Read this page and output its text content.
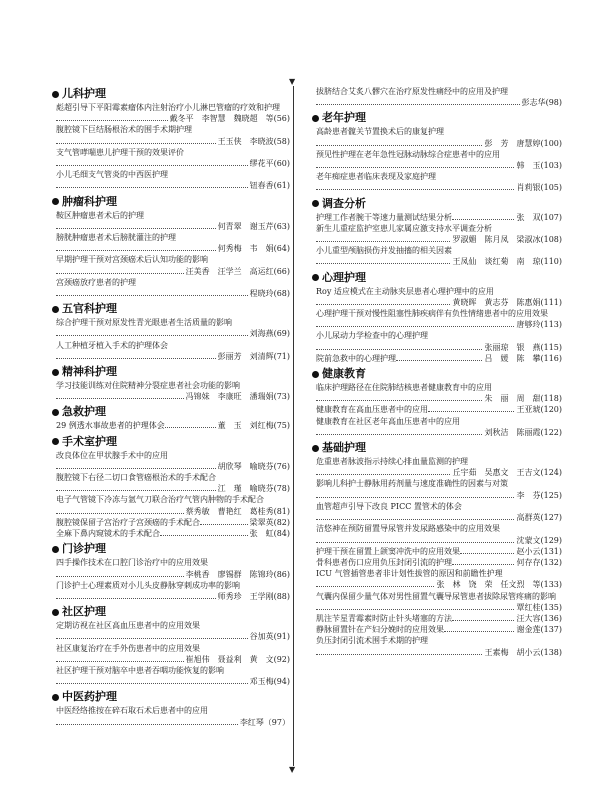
▼
▼
儿科护理
彪超引导下平阳霉素瘤体内注射治疗小儿淋巴管瘤的疗效和护理
戴冬平　李智慧　魏晓超　等(56)
腹腔镜下巨结肠根治术的围手术期护理
王玉侠　李晓波(58)
支气管哮喘患儿护理干预的效果评价
缪花平(60)
小儿毛细支气管炎的中西医护理
钮春香(61)
肿瘤科护理
鞍区肿瘤患者术后的护理
何青翠　谢玉芹(63)
膀胱肿瘤患者术后膀胱灌注的护理
何秀梅　韦　娟(64)
早期护理干预对宫颈癌术后认知功能的影响
汪美香　汪学兰　高运红(66)
宫颈癌放疗患者的护理
程晓玲(68)
五官科护理
综合护理干预对原发性青光眼患者生活质量的影响
刘海燕(69)
人工种植牙植入手术的护理体会
彭丽芳　刘清辉(71)
精神科护理
学习技能训练对住院精神分裂症患者社会功能的影响
冯锦妹　李康旺　潘瑞娟(73)
急救护理
29 例透水事故患者的护理体会	董　玉　刘红梅(75)
手术室护理
改良体位在甲状腺手术中的应用
胡欣琴　喻晓芬(76)
腹腔镜下右径二切口食管癌根治术的手术配合
江　瑾　喻晓芬(78)
电子气管镜下冷冻与氩气刀联合治疗气管内肿物的手术配合
蔡秀敏　曹艳红　葛桂秀(81)
腹腔镜保留子宫治疗子宫颈癌的手术配合	梁翠英(82)
全麻下鼻内窥镜术的手术配合	张　虹(84)
门诊护理
四手操作技术在口腔门诊治疗中的应用效果
李桃香　廖锡群　陈锦玲(86)
门诊护士心理素质对小儿头皮静脉穿刺成功率的影响
师秀珍　王学刚(88)
社区护理
定期访视在社区高血压患者中的应用效果
谷加英(91)
社区康复治疗在手外伤患者中的应用效果
崔旭伟　聂益利　黄　文(92)
社区护理干预对脑卒中患者吞咽功能恢复的影响
邓玉梅(94)
中医药护理
中医经络推按在碎石取石术后患者中的应用
李红琴（97）
拔脐结合艾炙八髎穴在治疗原发性痛经中的应用及护理
彭志华(98)
老年护理
高龄患者髋关节置换术后的康复护理
彭　芳　唐慧婷(100)
预见性护理在老年急性冠脉动脉综合症患者中的应用
韩　玉(103)
老年痴症患者临床表现及家庭护理
肖莉银(105)
调查分析
护理工作者腕干等速力量测试结果分析	张　双(107)
新生儿重症监护室患儿家属应激支持水平调查分析
罗淑媚　陈月凤　梁淑冰(108)
小儿重型颅脑损伤并发抽搐的相关因素
王凤仙　谈红菊　南　琼(110)
心理护理
Roy 适应模式在主动脉夹层患者心理护理中的应用
黄晓晖　黄志芬　陈惠娟(111)
心理护理干预对慢性阻塞性肺疾病伴有负性情绪患者中的应用效果
唐够玲(113)
小儿尿动力学检查中的心理护理
张丽琼　银　燕(115)
院前急救中的心理护理	吕　媛　陈　攀(116)
健康教育
临床护理路径在住院肺结核患者健康教育中的应用
朱　丽　周　甜(118)
健康教育在高血压患者中的应用	王亚琥(120)
健康教育在社区老年高血压患者中的应用
刘秋洁　陈丽霞(122)
基础护理
危重患者脉波指示持续心排血量监测的护理
丘宇茹　吴惠文　王吉文(124)
影响儿科护士静脉用药剂量与速度准确性的因素与对策
李　芬(125)
血管超声引导下改良 PICC 置管术的体会
高群英(127)
洁悠神在预防留置导尿管并发尿路感染中的应用效果
沈蒙文(129)
护理干预在留置上颌窦冲洗中的应用效果	赵小云(131)
骨科患者伤口应用负压封闭引流的护理	何存存(132)
ICU 气管插管患者非计划性拔管的原因和前瞻性护理
张　林　饶　荣　任文烈　等(133)
气囊内保留少量气体对男性留置气囊导尿管患者拔除尿管疼痛的影响
覃红桂(135)
肌注苄星青霉素时防止针头堵塞的方法	汪大容(136)
静脉留置针在产妇分娩时的应用效果	谢金莲(137)
负压封闭引流术围手术期的护理
王素梅　胡小云(138)
